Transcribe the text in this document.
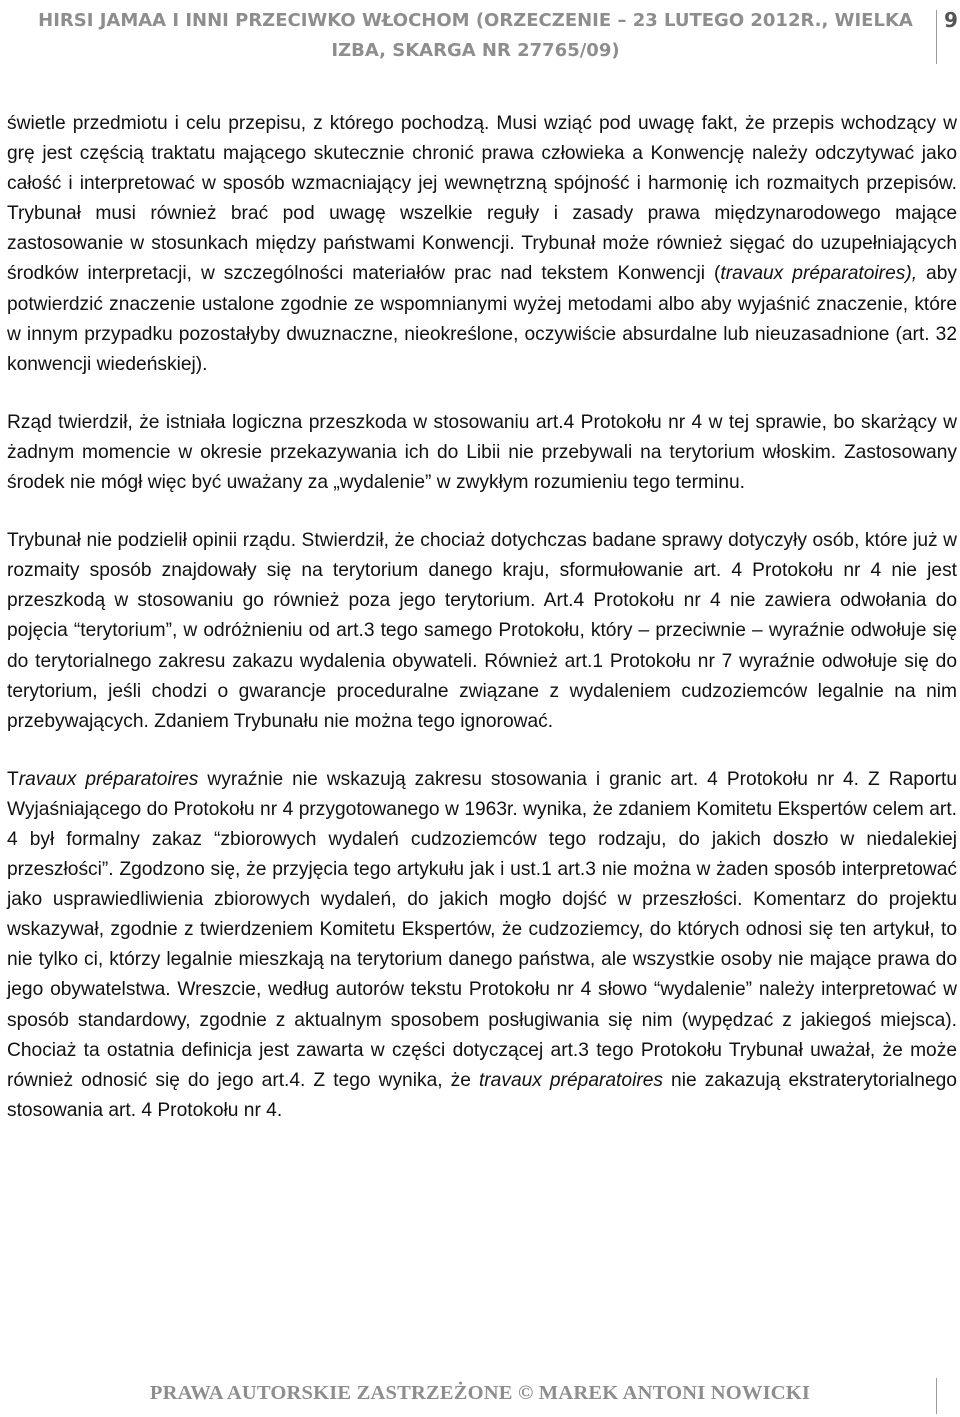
HIRSI JAMAA I INNI PRZECIWKO WŁOCHOM (ORZECZENIE – 23 LUTEGO 2012R., WIELKA IZBA, SKARGA NR 27765/09)
9

świetle przedmiotu i celu przepisu, z którego pochodzą. Musi wziąć pod uwagę fakt, że przepis wchodzący w grę jest częścią traktatu mającego skutecznie chronić prawa człowieka a Konwencję należy odczytywać jako całość i interpretować w sposób wzmacniający jej wewnętrzną spójność i harmonię ich rozmaitych przepisów. Trybunał musi również brać pod uwagę wszelkie reguły i zasady prawa międzynarodowego mające zastosowanie w stosunkach między państwami Konwencji. Trybunał może również sięgać do uzupełniających środków interpretacji, w szczególności materiałów prac nad tekstem Konwencji (travaux préparatoires), aby potwierdzić znaczenie ustalone zgodnie ze wspomnianymi wyżej metodami albo aby wyjaśnić znaczenie, które w innym przypadku pozostałyby dwuznaczne, nieokreślone, oczywiście absurdalne lub nieuzasadnione (art. 32 konwencji wiedeńskiej).

Rząd twierdził, że istniała logiczna przeszkoda w stosowaniu art.4 Protokołu nr 4 w tej sprawie, bo skarżący w żadnym momencie w okresie przekazywania ich do Libii nie przebywali na terytorium włoskim. Zastosowany środek nie mógł więc być uważany za „wydalenie” w zwykłym rozumieniu tego terminu.

Trybunał nie podzielił opinii rządu. Stwierdził, że chociaż dotychczas badane sprawy dotyczyły osób, które już w rozmaity sposób znajdowały się na terytorium danego kraju, sformułowanie art. 4 Protokołu nr 4 nie jest przeszkodą w stosowaniu go również poza jego terytorium. Art.4 Protokołu nr 4 nie zawiera odwołania do pojęcia “terytorium”, w odróżnieniu od art.3 tego samego Protokołu, który – przeciwnie – wyraźnie odwołuje się do terytorialnego zakresu zakazu wydalenia obywateli. Również art.1 Protokołu nr 7 wyraźnie odwołuje się do terytorium, jeśli chodzi o gwarancje proceduralne związane z wydaleniem cudzoziemców legalnie na nim przebywających. Zdaniem Trybunału nie można tego ignorować.

Travaux préparatoires wyraźnie nie wskazują zakresu stosowania i granic art. 4 Protokołu nr 4. Z Raportu Wyjaśniającego do Protokołu nr 4 przygotowanego w 1963r. wynika, że zdaniem Komitetu Ekspertów celem art. 4 był formalny zakaz “zbiorowych wydaleń cudzoziemców tego rodzaju, do jakich doszło w niedalekiej przeszłości”. Zgodzono się, że przyjęcia tego artykułu jak i ust.1 art.3 nie można w żaden sposób interpretować jako usprawiedliwienia zbiorowych wydaleń, do jakich mogło dojść w przeszłości. Komentarz do projektu wskazywał, zgodnie z twierdzeniem Komitetu Ekspertów, że cudzoziemcy, do których odnosi się ten artykuł, to nie tylko ci, którzy legalnie mieszkają na terytorium danego państwa, ale wszystkie osoby nie mające prawa do jego obywatelstwa. Wreszcie, według autorów tekstu Protokołu nr 4 słowo “wydalenie” należy interpretować w sposób standardowy, zgodnie z aktualnym sposobem posługiwania się nim (wypędzać z jakiegoś miejsca). Chociaż ta ostatnia definicja jest zawarta w części dotyczącej art.3 tego Protokołu Trybunał uważał, że może również odnosić się do jego art.4. Z tego wynika, że travaux préparatoires nie zakazują ekstraterytorialnego stosowania art. 4 Protokołu nr 4.

PRAWA AUTORSKIE ZASTRZEŻONE © MAREK ANTONI NOWICKI
